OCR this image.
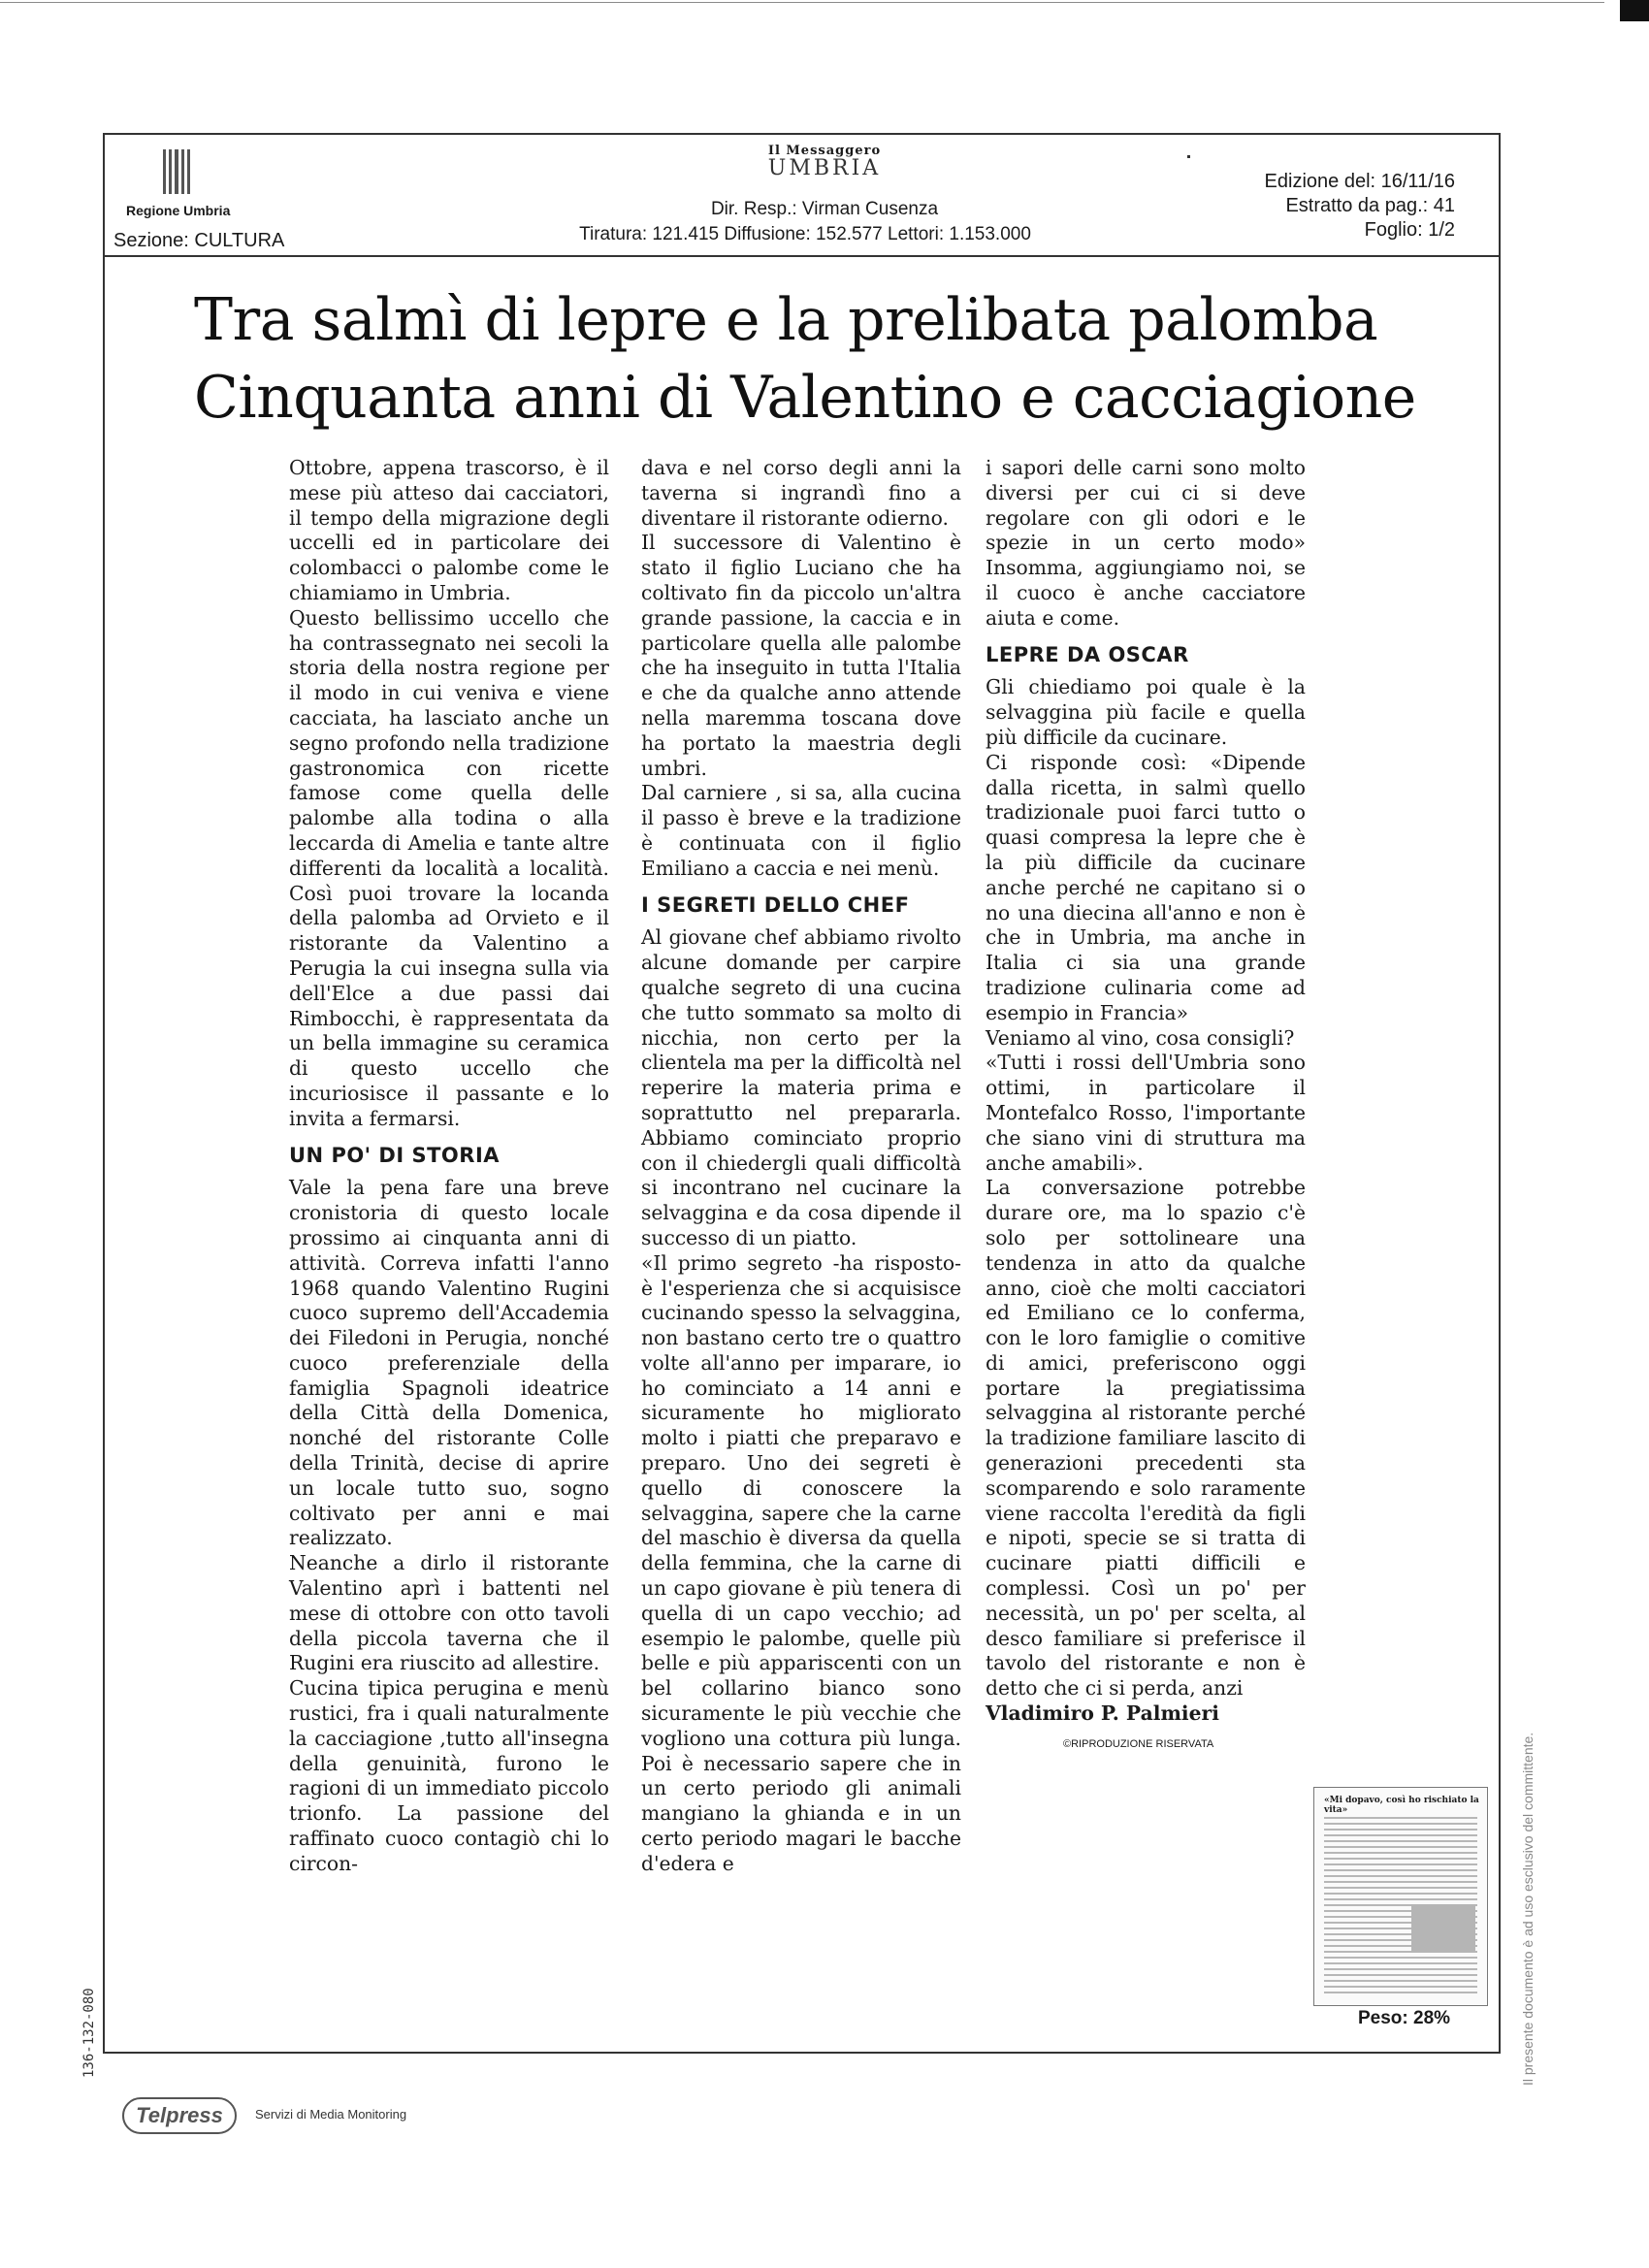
Regione Umbria
Sezione: CULTURA
Il Messaggero
UMBRIA
Dir. Resp.: Virman Cusenza
Tiratura: 121.415 Diffusione: 152.577 Lettori: 1.153.000
Edizione del: 16/11/16
Estratto da pag.: 41
Foglio: 1/2
Tra salmì di lepre e la prelibata palomba
Cinquanta anni di Valentino e cacciagione

Ottobre, appena trascorso, è il mese più atteso dai cacciatori, il tempo della migrazione degli uccelli ed in particolare dei colombacci o palombe come le chiamiamo in Umbria.

Questo bellissimo uccello che ha contrassegnato nei secoli la storia della nostra regione per il modo in cui veniva e viene cacciata, ha lasciato anche un segno profondo nella tradizione gastronomica con ricette famose come quella delle palombe alla todina o alla leccarda di Amelia e tante altre differenti da località a località. Così puoi trovare la locanda della palomba ad Orvieto e il ristorante da Valentino a Perugia la cui insegna sulla via dell'Elce a due passi dai Rimbocchi, è rappresentata da un bella immagine su ceramica di questo uccello che incuriosisce il passante e lo invita a fermarsi.

UN PO' DI STORIA

Vale la pena fare una breve cronistoria di questo locale prossimo ai cinquanta anni di attività. Correva infatti l'anno 1968 quando Valentino Rugini cuoco supremo dell'Accademia dei Filedoni in Perugia, nonché cuoco preferenziale della famiglia Spagnoli ideatrice della Città della Domenica, nonché del ristorante Colle della Trinità, decise di aprire un locale tutto suo, sogno coltivato per anni e mai realizzato.

Neanche a dirlo il ristorante Valentino aprì i battenti nel mese di ottobre con otto tavoli della piccola taverna che il Rugini era riuscito ad allestire.

Cucina tipica perugina e menù rustici, fra i quali naturalmente la cacciagione ,tutto all'insegna della genuinità, furono le ragioni di un immediato piccolo trionfo. La passione del raffinato cuoco contagiò chi lo circon-

dava e nel corso degli anni la taverna si ingrandì fino a diventare il ristorante odierno.

Il successore di Valentino è stato il figlio Luciano che ha coltivato fin da piccolo un'altra grande passione, la caccia e in particolare quella alle palombe che ha inseguito in tutta l'Italia e che da qualche anno attende nella maremma toscana dove ha portato la maestria degli umbri.

Dal carniere , si sa, alla cucina il passo è breve e la tradizione è continuata con il figlio Emiliano a caccia e nei menù.

I SEGRETI DELLO CHEF

Al giovane chef abbiamo rivolto alcune domande per carpire qualche segreto di una cucina che tutto sommato sa molto di nicchia, non certo per la clientela ma per la difficoltà nel reperire la materia prima e soprattutto nel prepararla. Abbiamo cominciato proprio con il chiedergli quali difficoltà si incontrano nel cucinare la selvaggina e da cosa dipende il successo di un piatto.

«Il primo segreto -ha risposto- è l'esperienza che si acquisisce cucinando spesso la selvaggina, non bastano certo tre o quattro volte all'anno per imparare, io ho cominciato a 14 anni e sicuramente ho migliorato molto i piatti che preparavo e preparo. Uno dei segreti è quello di conoscere la selvaggina, sapere che la carne del maschio è diversa da quella della femmina, che la carne di un capo giovane è più tenera di quella di un capo vecchio; ad esempio le palombe, quelle più belle e più appariscenti con un bel collarino bianco sono sicuramente le più vecchie che vogliono una cottura più lunga. Poi è necessario sapere che in un certo periodo gli animali mangiano la ghianda e in un certo periodo magari le bacche d'edera e

i sapori delle carni sono molto diversi per cui ci si deve regolare con gli odori e le spezie in un certo modo» Insomma, aggiungiamo noi, se il cuoco è anche cacciatore aiuta e come.

LEPRE DA OSCAR

Gli chiediamo poi quale è la selvaggina più facile e quella più difficile da cucinare.

Ci risponde così: «Dipende dalla ricetta, in salmì quello tradizionale puoi farci tutto o quasi compresa la lepre che è la più difficile da cucinare anche perché ne capitano si o no una diecina all'anno e non è che in Umbria, ma anche in Italia ci sia una grande tradizione culinaria come ad esempio in Francia»

Veniamo al vino, cosa consigli?

«Tutti i rossi dell'Umbria sono ottimi, in particolare il Montefalco Rosso, l'importante che siano vini di struttura ma anche amabili».

La conversazione potrebbe durare ore, ma lo spazio c'è solo per sottolineare una tendenza in atto da qualche anno, cioè che molti cacciatori ed Emiliano ce lo conferma, con le loro famiglie o comitive di amici, preferiscono oggi portare la pregiatissima selvaggina al ristorante perché la tradizione familiare lascito di generazioni precedenti sta scomparendo e solo raramente viene raccolta l'eredità da figli e nipoti, specie se si tratta di cucinare piatti difficili e complessi. Così un po' per necessità, un po' per scelta, al desco familiare si preferisce il tavolo del ristorante e non è detto che ci si perda, anzi

Vladimiro P. Palmieri

©RIPRODUZIONE RISERVATA

«Mi dopavo, così ho rischiato la vita»
Peso: 28%	Il presente documento è ad uso esclusivo del committente.
136-132-080
Telpress	Servizi di Media Monitoring
